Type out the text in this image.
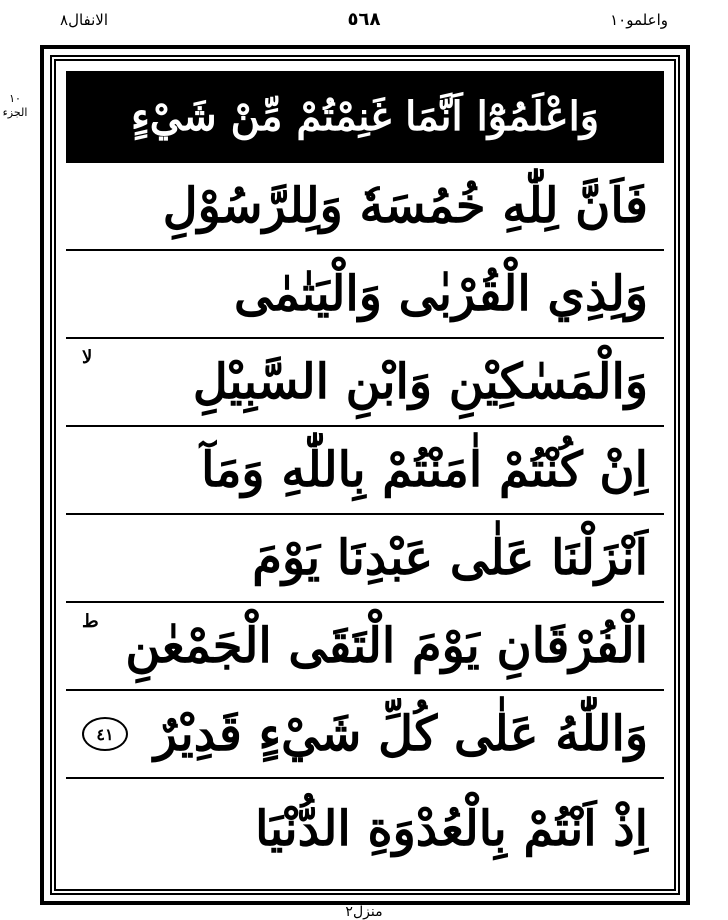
واعلمو١٠
٥٦٨
الانفال٨
١٠ الجزء	وَاعْلَمُوْٓا اَنَّمَا غَنِمْتُمْ مِّنْ شَيْءٍ
فَاَنَّ لِلّٰهِ خُمُسَهٗ وَلِلرَّسُوْلِ
وَلِذِي الْقُرْبٰى وَالْيَتٰمٰى
وَالْمَسٰكِيْنِ وَابْنِ السَّبِيْلِ
لا
اِنْ كُنْتُمْ اٰمَنْتُمْ بِاللّٰهِ وَمَآ
اَنْزَلْنَا عَلٰى عَبْدِنَا يَوْمَ
الْفُرْقَانِ يَوْمَ الْتَقَى الْجَمْعٰنِ
ط
وَاللّٰهُ عَلٰى كُلِّ شَيْءٍ قَدِيْرٌ
٤١
اِذْ اَنْتُمْ بِالْعُدْوَةِ الدُّنْيَا
منزل٢
